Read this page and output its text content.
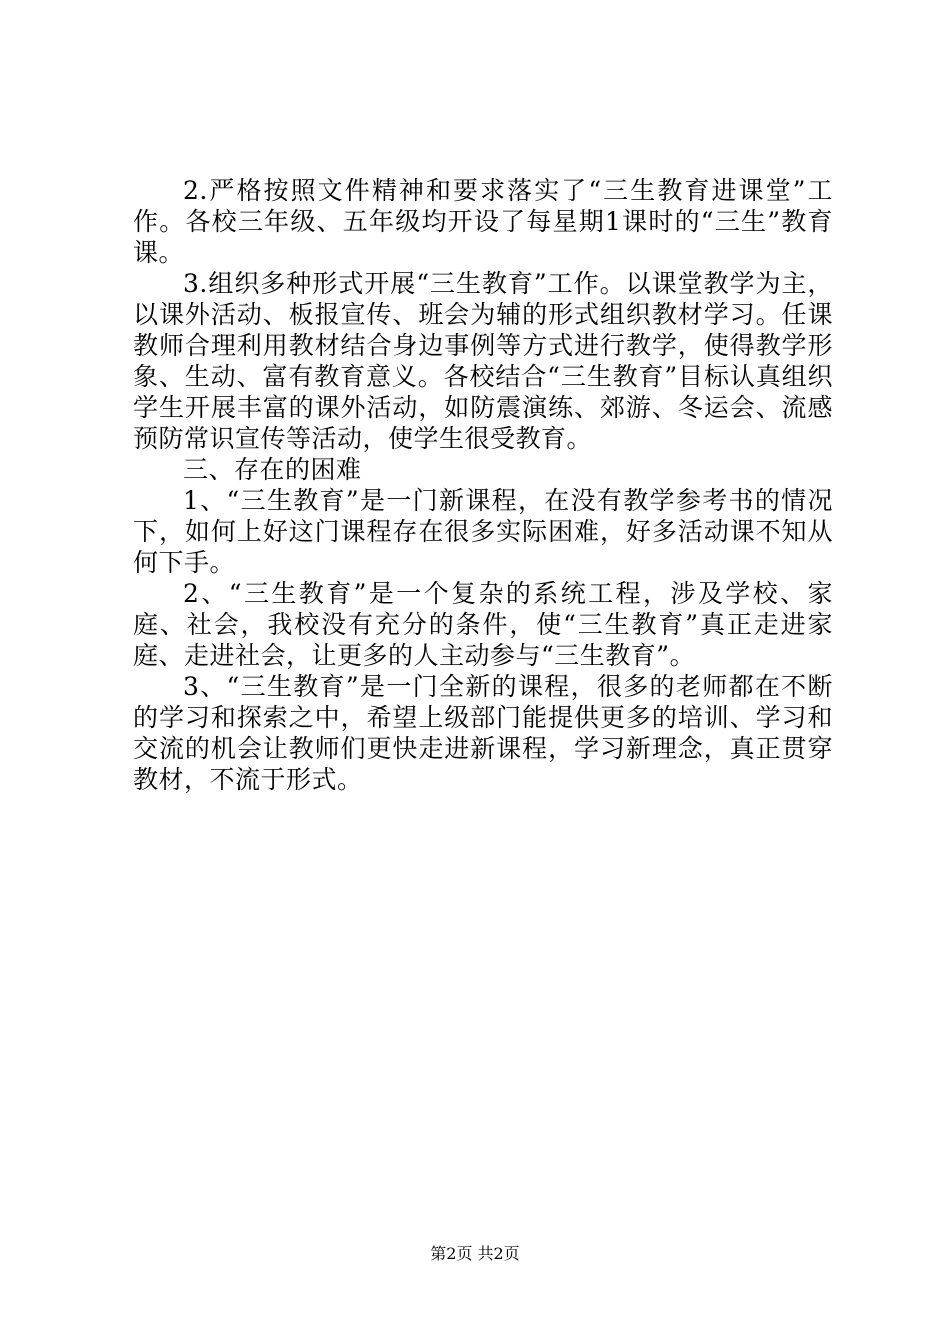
2.严格按照文件精神和要求落实了“三生教育进课堂”工作。各校三年级、五年级均开设了每星期1课时的“三生”教育课。

3.组织多种形式开展“三生教育”工作。以课堂教学为主，以课外活动、板报宣传、班会为辅的形式组织教材学习。任课教师合理利用教材结合身边事例等方式进行教学，使得教学形象、生动、富有教育意义。各校结合“三生教育”目标认真组织学生开展丰富的课外活动，如防震演练、郊游、冬运会、流感预防常识宣传等活动，使学生很受教育。

三、存在的困难

1、“三生教育”是一门新课程，在没有教学参考书的情况下，如何上好这门课程存在很多实际困难，好多活动课不知从何下手。

2、“三生教育”是一个复杂的系统工程，涉及学校、家庭、社会，我校没有充分的条件，使“三生教育”真正走进家庭、走进社会，让更多的人主动参与“三生教育”。

3、“三生教育”是一门全新的课程，很多的老师都在不断的学习和探索之中，希望上级部门能提供更多的培训、学习和交流的机会让教师们更快走进新课程，学习新理念，真正贯穿教材，不流于形式。

第2页 共2页
